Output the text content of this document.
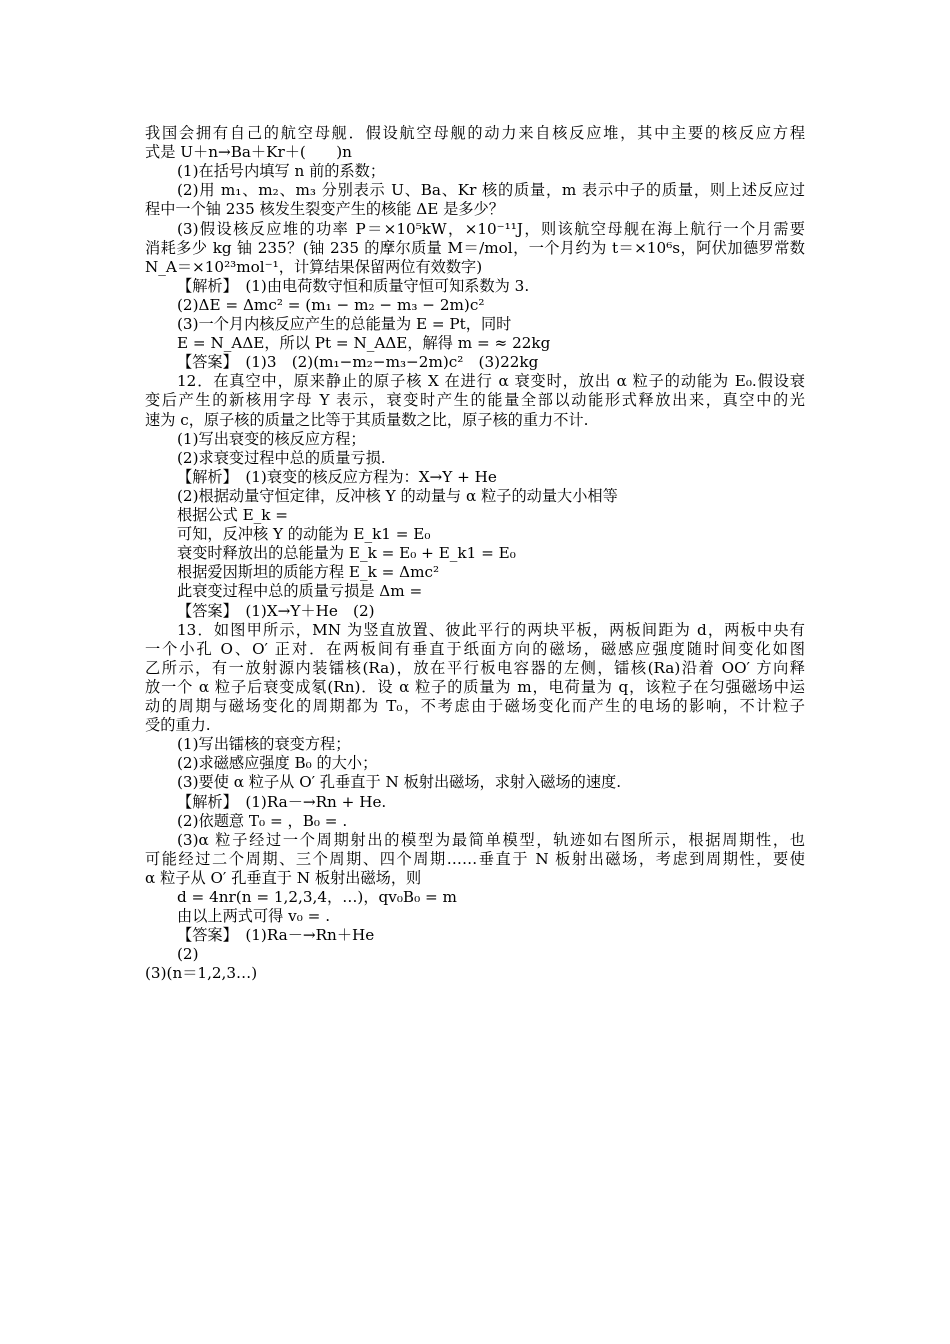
我国会拥有自己的航空母舰．假设航空母舰的动力来自核反应堆，其中主要的核反应方程
式是 U＋n→Ba＋Kr＋(　　)n
(1)在括号内填写 n 前的系数；
(2)用 m₁、m₂、m₃ 分别表示 U、Ba、Kr 核的质量，m 表示中子的质量，则上述反应过
程中一个铀 235 核发生裂变产生的核能 ΔE 是多少？
(3)假设核反应堆的功率 P＝×10⁵kW，×10⁻¹¹J，则该航空母舰在海上航行一个月需要
消耗多少 kg 铀 235？(铀 235 的摩尔质量 M＝/mol，一个月约为 t＝×10⁶s，阿伏加德罗常数
N_A＝×10²³mol⁻¹，计算结果保留两位有效数字)
【解析】　(1)由电荷数守恒和质量守恒可知系数为 3.
(2)ΔE = Δmc² = (m₁ − m₂ − m₃ − 2m)c²
(3)一个月内核反应产生的总能量为 E = Pt，同时
E = N_AΔE，所以 Pt = N_AΔE，解得 m = ≈ 22kg
【答案】　(1)3　(2)(m₁−m₂−m₃−2m)c²　(3)22kg
12．在真空中，原来静止的原子核 X 在进行 α 衰变时，放出 α 粒子的动能为 E₀.假设衰
变后产生的新核用字母 Y 表示，衰变时产生的能量全部以动能形式释放出来，真空中的光
速为 c，原子核的质量之比等于其质量数之比，原子核的重力不计.
(1)写出衰变的核反应方程；
(2)求衰变过程中总的质量亏损.
【解析】　(1)衰变的核反应方程为：X→Y + He
(2)根据动量守恒定律，反冲核 Y 的动量与 α 粒子的动量大小相等
根据公式 E_k =
可知，反冲核 Y 的动能为 E_k1 = E₀
衰变时释放出的总能量为 E_k = E₀ + E_k1 = E₀
根据爱因斯坦的质能方程 E_k = Δmc²
此衰变过程中总的质量亏损是 Δm =
【答案】　(1)X→Y＋He　(2)
13．如图甲所示，MN 为竖直放置、彼此平行的两块平板，两板间距为 d，两板中央有
一个小孔 O、O′ 正对．在两板间有垂直于纸面方向的磁场，磁感应强度随时间变化如图
乙所示，有一放射源内装镭核(Ra)，放在平行板电容器的左侧，镭核(Ra)沿着 OO′ 方向释
放一个 α 粒子后衰变成氡(Rn)．设 α 粒子的质量为 m，电荷量为 q，该粒子在匀强磁场中运
动的周期与磁场变化的周期都为 T₀，不考虑由于磁场变化而产生的电场的影响，不计粒子
受的重力.
(1)写出镭核的衰变方程；
(2)求磁感应强度 B₀ 的大小；
(3)要使 α 粒子从 O′ 孔垂直于 N 板射出磁场，求射入磁场的速度.
【解析】　(1)Ra－→Rn + He.
(2)依题意 T₀ = ，B₀ = .
(3)α 粒子经过一个周期射出的模型为最简单模型，轨迹如右图所示，根据周期性，也
可能经过二个周期、三个周期、四个周期……垂直于 N 板射出磁场，考虑到周期性，要使
α 粒子从 O′ 孔垂直于 N 板射出磁场，则
d = 4nr(n = 1,2,3,4，…)，qv₀B₀ = m
由以上两式可得 v₀ = .
【答案】　(1)Ra－→Rn＋He
(2)
(3)(n＝1,2,3…)
